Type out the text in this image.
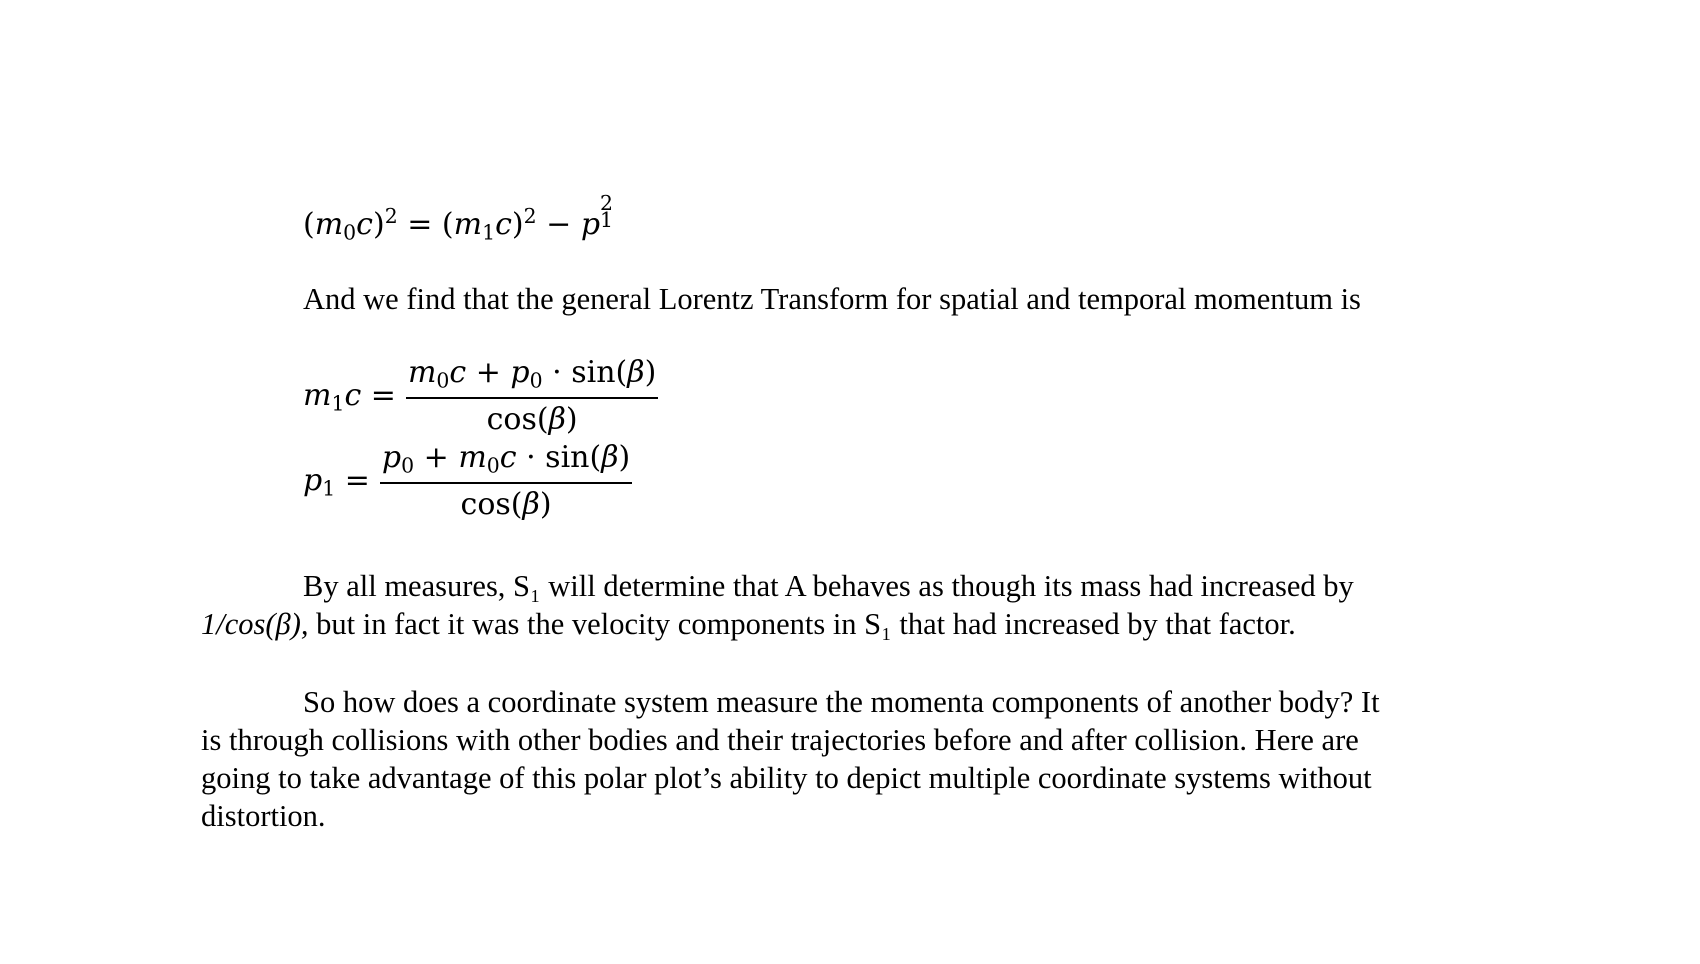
$(m_0c)^2 = (m_1c)^2 - p$
2
1

And we find that the general Lorentz Transform for spatial and temporal momentum is

$m_1c = \frac{m_0c + p_0 \cdot \sin(\beta)}{\cos(\beta)}$
$p_1 = \frac{p_0 + m_0c \cdot \sin(\beta)}{\cos(\beta)}$

By all measures, S₁ will determine that A behaves as though its mass had increased by
1/cos(β), but in fact it was the velocity components in S₁ that had increased by that factor.

So how does a coordinate system measure the momenta components of another body? It
is through collisions with other bodies and their trajectories before and after collision. Here are
going to take advantage of this polar plot’s ability to depict multiple coordinate systems without
distortion.
